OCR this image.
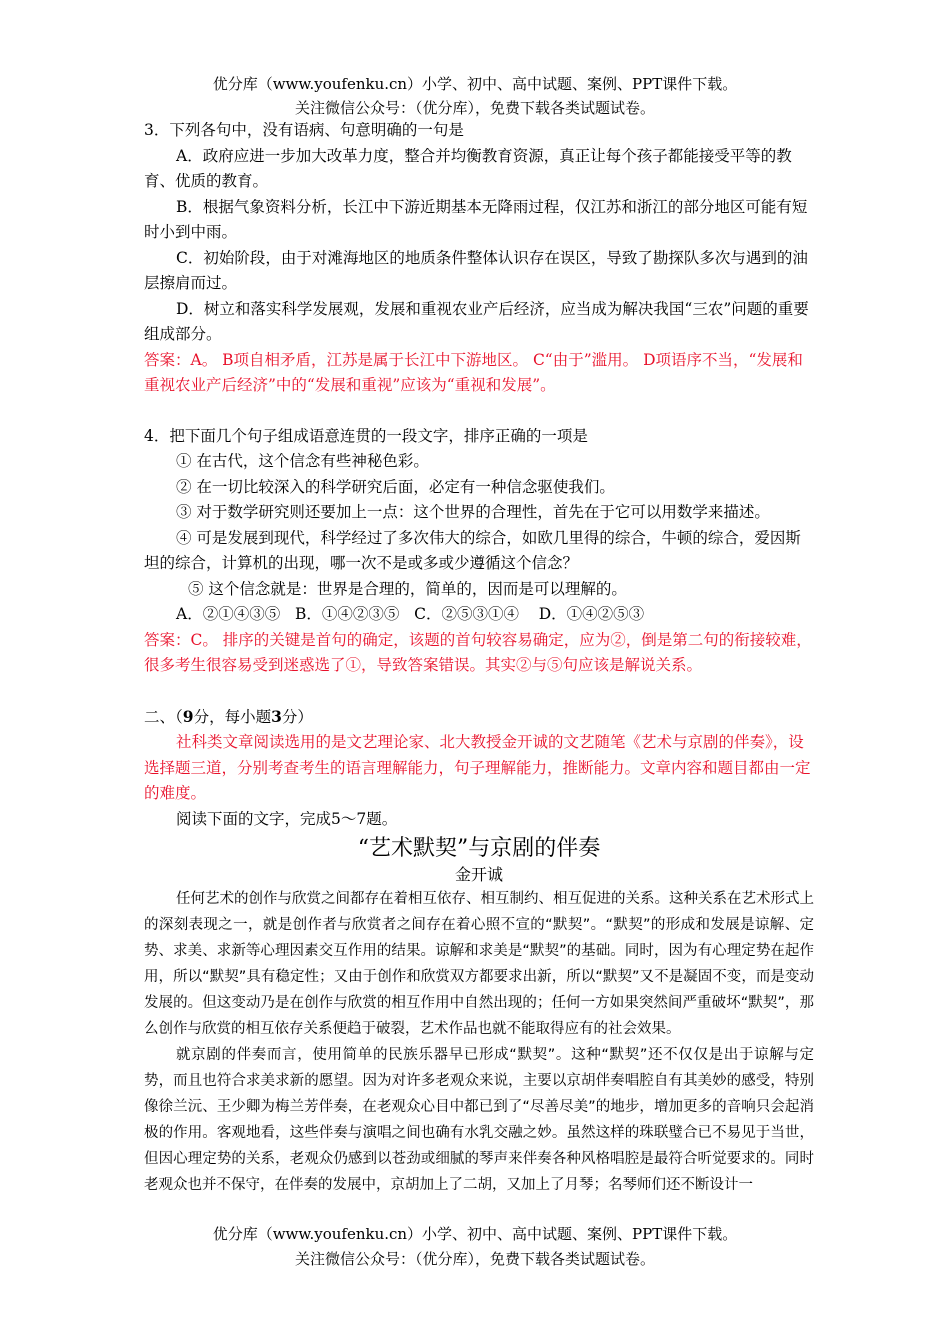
优分库（www.youfenku.cn）小学、初中、高中试题、案例、PPT课件下载。
关注微信公众号：（优分库），免费下载各类试题试卷。

3．下列各句中，没有语病、句意明确的一句是

A．政府应进一步加大改革力度，整合并均衡教育资源，真正让每个孩子都能接受平等的教育、优质的教育。

B．根据气象资料分析，长江中下游近期基本无降雨过程，仅江苏和浙江的部分地区可能有短时小到中雨。

C．初始阶段，由于对滩海地区的地质条件整体认识存在误区，导致了勘探队多次与遇到的油层擦肩而过。

D．树立和落实科学发展观，发展和重视农业产后经济，应当成为解决我国“三农”问题的重要组成部分。

答案：A。 B项自相矛盾，江苏是属于长江中下游地区。 C“由于”滥用。 D项语序不当，“发展和重视农业产后经济”中的“发展和重视”应该为“重视和发展”。

4．把下面几个句子组成语意连贯的一段文字，排序正确的一项是

① 在古代，这个信念有些神秘色彩。

② 在一切比较深入的科学研究后面，必定有一种信念驱使我们。

③ 对于数学研究则还要加上一点：这个世界的合理性，首先在于它可以用数学来描述。

④ 可是发展到现代，科学经过了多次伟大的综合，如欧几里得的综合，牛顿的综合，爱因斯坦的综合，计算机的出现，哪一次不是或多或少遵循这个信念？

⑤ 这个信念就是：世界是合理的，简单的，因而是可以理解的。

A．②①④③⑤   B．①④②③⑤   C．②⑤③①④    D．①④②⑤③

答案：C。 排序的关键是首句的确定，该题的首句较容易确定，应为②，倒是第二句的衔接较难，很多考生很容易受到迷惑选了①，导致答案错误。其实②与⑤句应该是解说关系。

二、（9分，每小题3分）

社科类文章阅读选用的是文艺理论家、北大教授金开诚的文艺随笔《艺术与京剧的伴奏》，设选择题三道，分别考查考生的语言理解能力，句子理解能力，推断能力。文章内容和题目都由一定的难度。

阅读下面的文字，完成5～7题。

“艺术默契”与京剧的伴奏
金开诚

任何艺术的创作与欣赏之间都存在着相互依存、相互制约、相互促进的关系。这种关系在艺术形式上的深刻表现之一，就是创作者与欣赏者之间存在着心照不宣的“默契”。“默契”的形成和发展是谅解、定势、求美、求新等心理因素交互作用的结果。谅解和求美是“默契”的基础。同时，因为有心理定势在起作用，所以“默契”具有稳定性；又由于创作和欣赏双方都要求出新，所以“默契”又不是凝固不变，而是变动发展的。但这变动乃是在创作与欣赏的相互作用中自然出现的；任何一方如果突然间严重破坏“默契”，那么创作与欣赏的相互依存关系便趋于破裂，艺术作品也就不能取得应有的社会效果。

就京剧的伴奏而言，使用简单的民族乐器早已形成“默契”。这种“默契”还不仅仅是出于谅解与定势，而且也符合求美求新的愿望。因为对许多老观众来说，主要以京胡伴奏唱腔自有其美妙的感受，特别像徐兰沅、王少卿为梅兰芳伴奏，在老观众心目中都已到了“尽善尽美”的地步，增加更多的音响只会起消极的作用。客观地看，这些伴奏与演唱之间也确有水乳交融之妙。虽然这样的珠联璧合已不易见于当世，但因心理定势的关系，老观众仍感到以苍劲或细腻的琴声来伴奏各种风格唱腔是最符合听觉要求的。同时老观众也并不保守，在伴奏的发展中，京胡加上了二胡，又加上了月琴；名琴师们还不断设计一

优分库（www.youfenku.cn）小学、初中、高中试题、案例、PPT课件下载。
关注微信公众号：（优分库），免费下载各类试题试卷。
